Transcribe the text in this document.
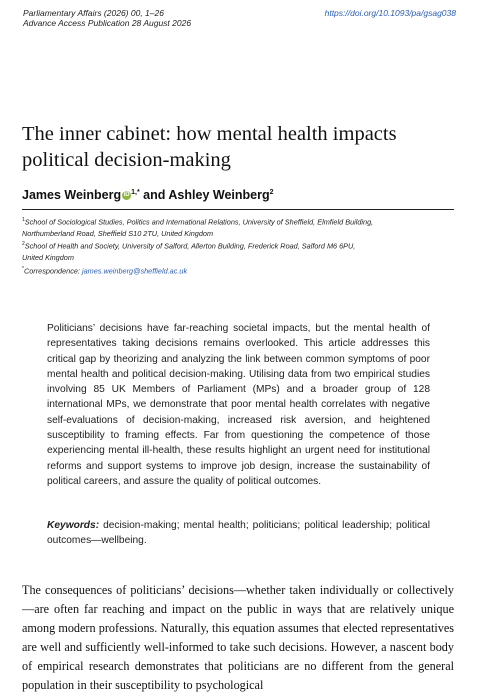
Parliamentary Affairs (2026) 00, 1–26
Advance Access Publication 28 August 2026
https://doi.org/10.1093/pa/gsag038
The inner cabinet: how mental health impacts
political decision-making
James Weinberg iD $^{1,*}$ and Ashley Weinberg$^2$
$^1$School of Sociological Studies, Politics and International Relations, University of Sheffield, Elmfield Building,
Northumberland Road, Sheffield S10 2TU, United Kingdom
$^2$School of Health and Society, University of Salford, Allerton Building, Frederick Road, Salford M6 6PU,
United Kingdom
*Correspondence: james.weinberg@sheffield.ac.uk

Politicians’ decisions have far-reaching societal impacts, but the mental health of representatives taking decisions remains overlooked. This article addresses this critical gap by theorizing and analyzing the link between common symptoms of poor mental health and political decision-making. Utilising data from two empirical studies involving 85 UK Members of Parliament (MPs) and a broader group of 128 international MPs, we demonstrate that poor mental health correlates with negative self-evaluations of decision-making, increased risk aversion, and heightened susceptibility to framing effects. Far from questioning the competence of those experiencing mental ill-health, these results highlight an urgent need for institutional reforms and support systems to improve job design, increase the sustainability of political careers, and assure the quality of political outcomes.

Keywords: decision-making; mental health; politicians; political leadership; political outcomes—wellbeing.

The consequences of politicians’ decisions—whether taken individually or collectively—are often far reaching and impact on the public in ways that are relatively unique among modern professions. Naturally, this equation assumes that elected representatives are well and sufficiently well-informed to take such decisions. However, a nascent body of empirical research demonstrates that politicians are no different from the general population in their susceptibility to psychological
